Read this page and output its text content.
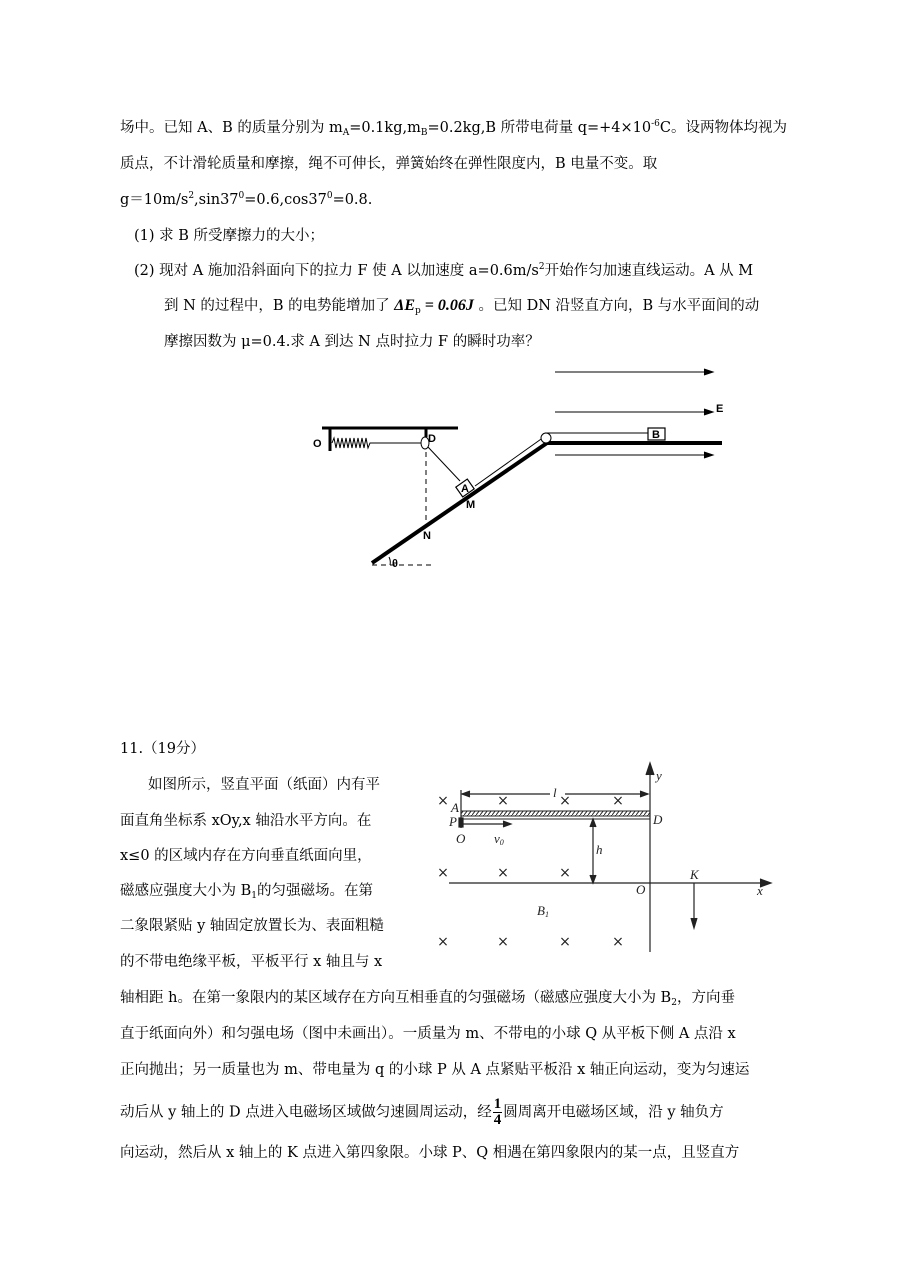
场中。已知 A、B 的质量分别为 $m_A=0.1kg,m_B=0.2kg,B$ 所带电荷量 $q=+4\times 10^{-6}C$。设两物体均视为
质点，不计滑轮质量和摩擦，绳不可伸长，弹簧始终在弹性限度内，B 电量不变。取
$g=10m/s^2,\sin 37^0=0.6,\cos 37^0=0.8$.
(1) 求 B 所受摩擦力的大小；
(2) 现对 A 施加沿斜面向下的拉力 F 使 A 以加速度 $a=0.6m/s^2$开始作匀加速直线运动。A 从 M
到 N 的过程中，B 的电势能增加了 $\Delta E_p = 0.06J$ 。已知 DN 沿竖直方向，B 与水平面间的动
摩擦因数为 μ=0.4.求 A 到达 N 点时拉力 F 的瞬时功率？
O	D
A
M
N
θ
B
E
11.（19分）
如图所示，竖直平面（纸面）内有平
面直角坐标系 xOy,x 轴沿水平方向。在
x≤0 的区域内存在方向垂直纸面向里，
磁感应强度大小为 $B_1$的匀强磁场。在第
二象限紧贴 y 轴固定放置长为、表面粗糙
的不带电绝缘平板，平板平行 x 轴且与 x
轴相距 h。在第一象限内的某区域存在方向互相垂直的匀强磁场（磁感应强度大小为 $B_2$，方向垂
直于纸面向外）和匀强电场（图中未画出）。一质量为 m、不带电的小球 Q 从平板下侧 A 点沿 x
正向抛出；另一质量也为 m、带电量为 q 的小球 P 从 A 点紧贴平板沿 x 轴正向运动，变为匀速运
动后从 y 轴上的 D 点进入电磁场区域做匀速圆周运动，经 $\frac{1}{4}$ 圆周离开电磁场区域，沿 y 轴负方
向运动，然后从 x 轴上的 K 点进入第四象限。小球 P、Q 相遇在第四象限内的某一点，且竖直方
×	×	×	×
×	×	×
×	×	×	×
A
P
O v0
l
D
h
O
K
x
y
B1
